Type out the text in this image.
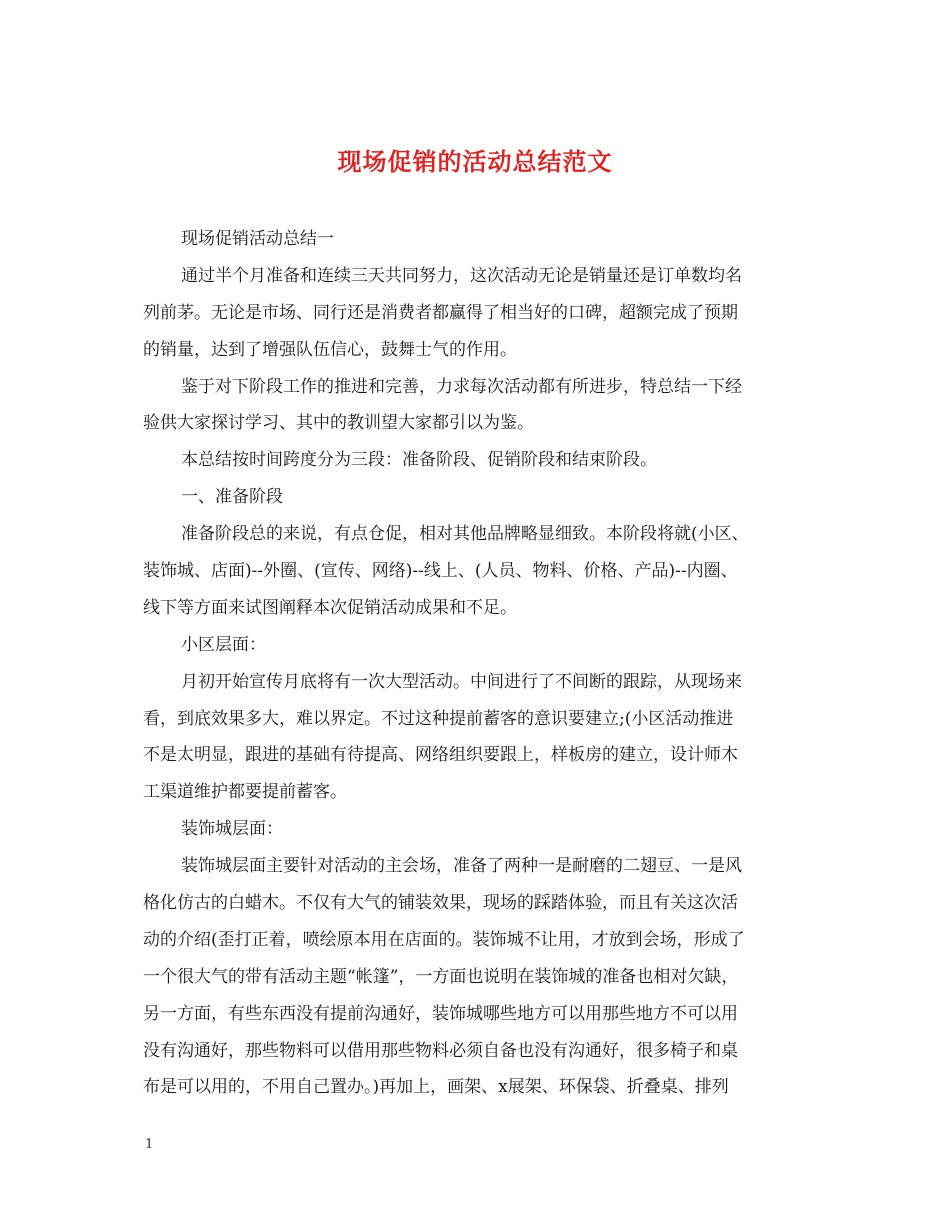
现场促销的活动总结范文
现场促销活动总结一
通过半个月准备和连续三天共同努力，这次活动无论是销量还是订单数均名
列前茅。无论是市场、同行还是消费者都赢得了相当好的口碑，超额完成了预期
的销量，达到了增强队伍信心，鼓舞士气的作用。
鉴于对下阶段工作的推进和完善，力求每次活动都有所进步，特总结一下经
验供大家探讨学习、其中的教训望大家都引以为鉴。
本总结按时间跨度分为三段：准备阶段、促销阶段和结束阶段。
一、准备阶段
准备阶段总的来说，有点仓促，相对其他品牌略显细致。本阶段将就(小区、
装饰城、店面)--外圈、(宣传、网络)--线上、(人员、物料、价格、产品)--内圈、
线下等方面来试图阐释本次促销活动成果和不足。
小区层面：
月初开始宣传月底将有一次大型活动。中间进行了不间断的跟踪，从现场来
看，到底效果多大，难以界定。不过这种提前蓄客的意识要建立;(小区活动推进
不是太明显，跟进的基础有待提高、网络组织要跟上，样板房的建立，设计师木
工渠道维护都要提前蓄客。
装饰城层面：
装饰城层面主要针对活动的主会场，准备了两种一是耐磨的二翅豆、一是风
格化仿古的白蜡木。不仅有大气的铺装效果，现场的踩踏体验，而且有关这次活
动的介绍(歪打正着，喷绘原本用在店面的。装饰城不让用，才放到会场，形成了
一个很大气的带有活动主题“帐篷”，一方面也说明在装饰城的准备也相对欠缺，
另一方面，有些东西没有提前沟通好，装饰城哪些地方可以用那些地方不可以用
没有沟通好，那些物料可以借用那些物料必须自备也没有沟通好，很多椅子和桌
布是可以用的，不用自己置办。)再加上，画架、x展架、环保袋、折叠桌、排列
1
